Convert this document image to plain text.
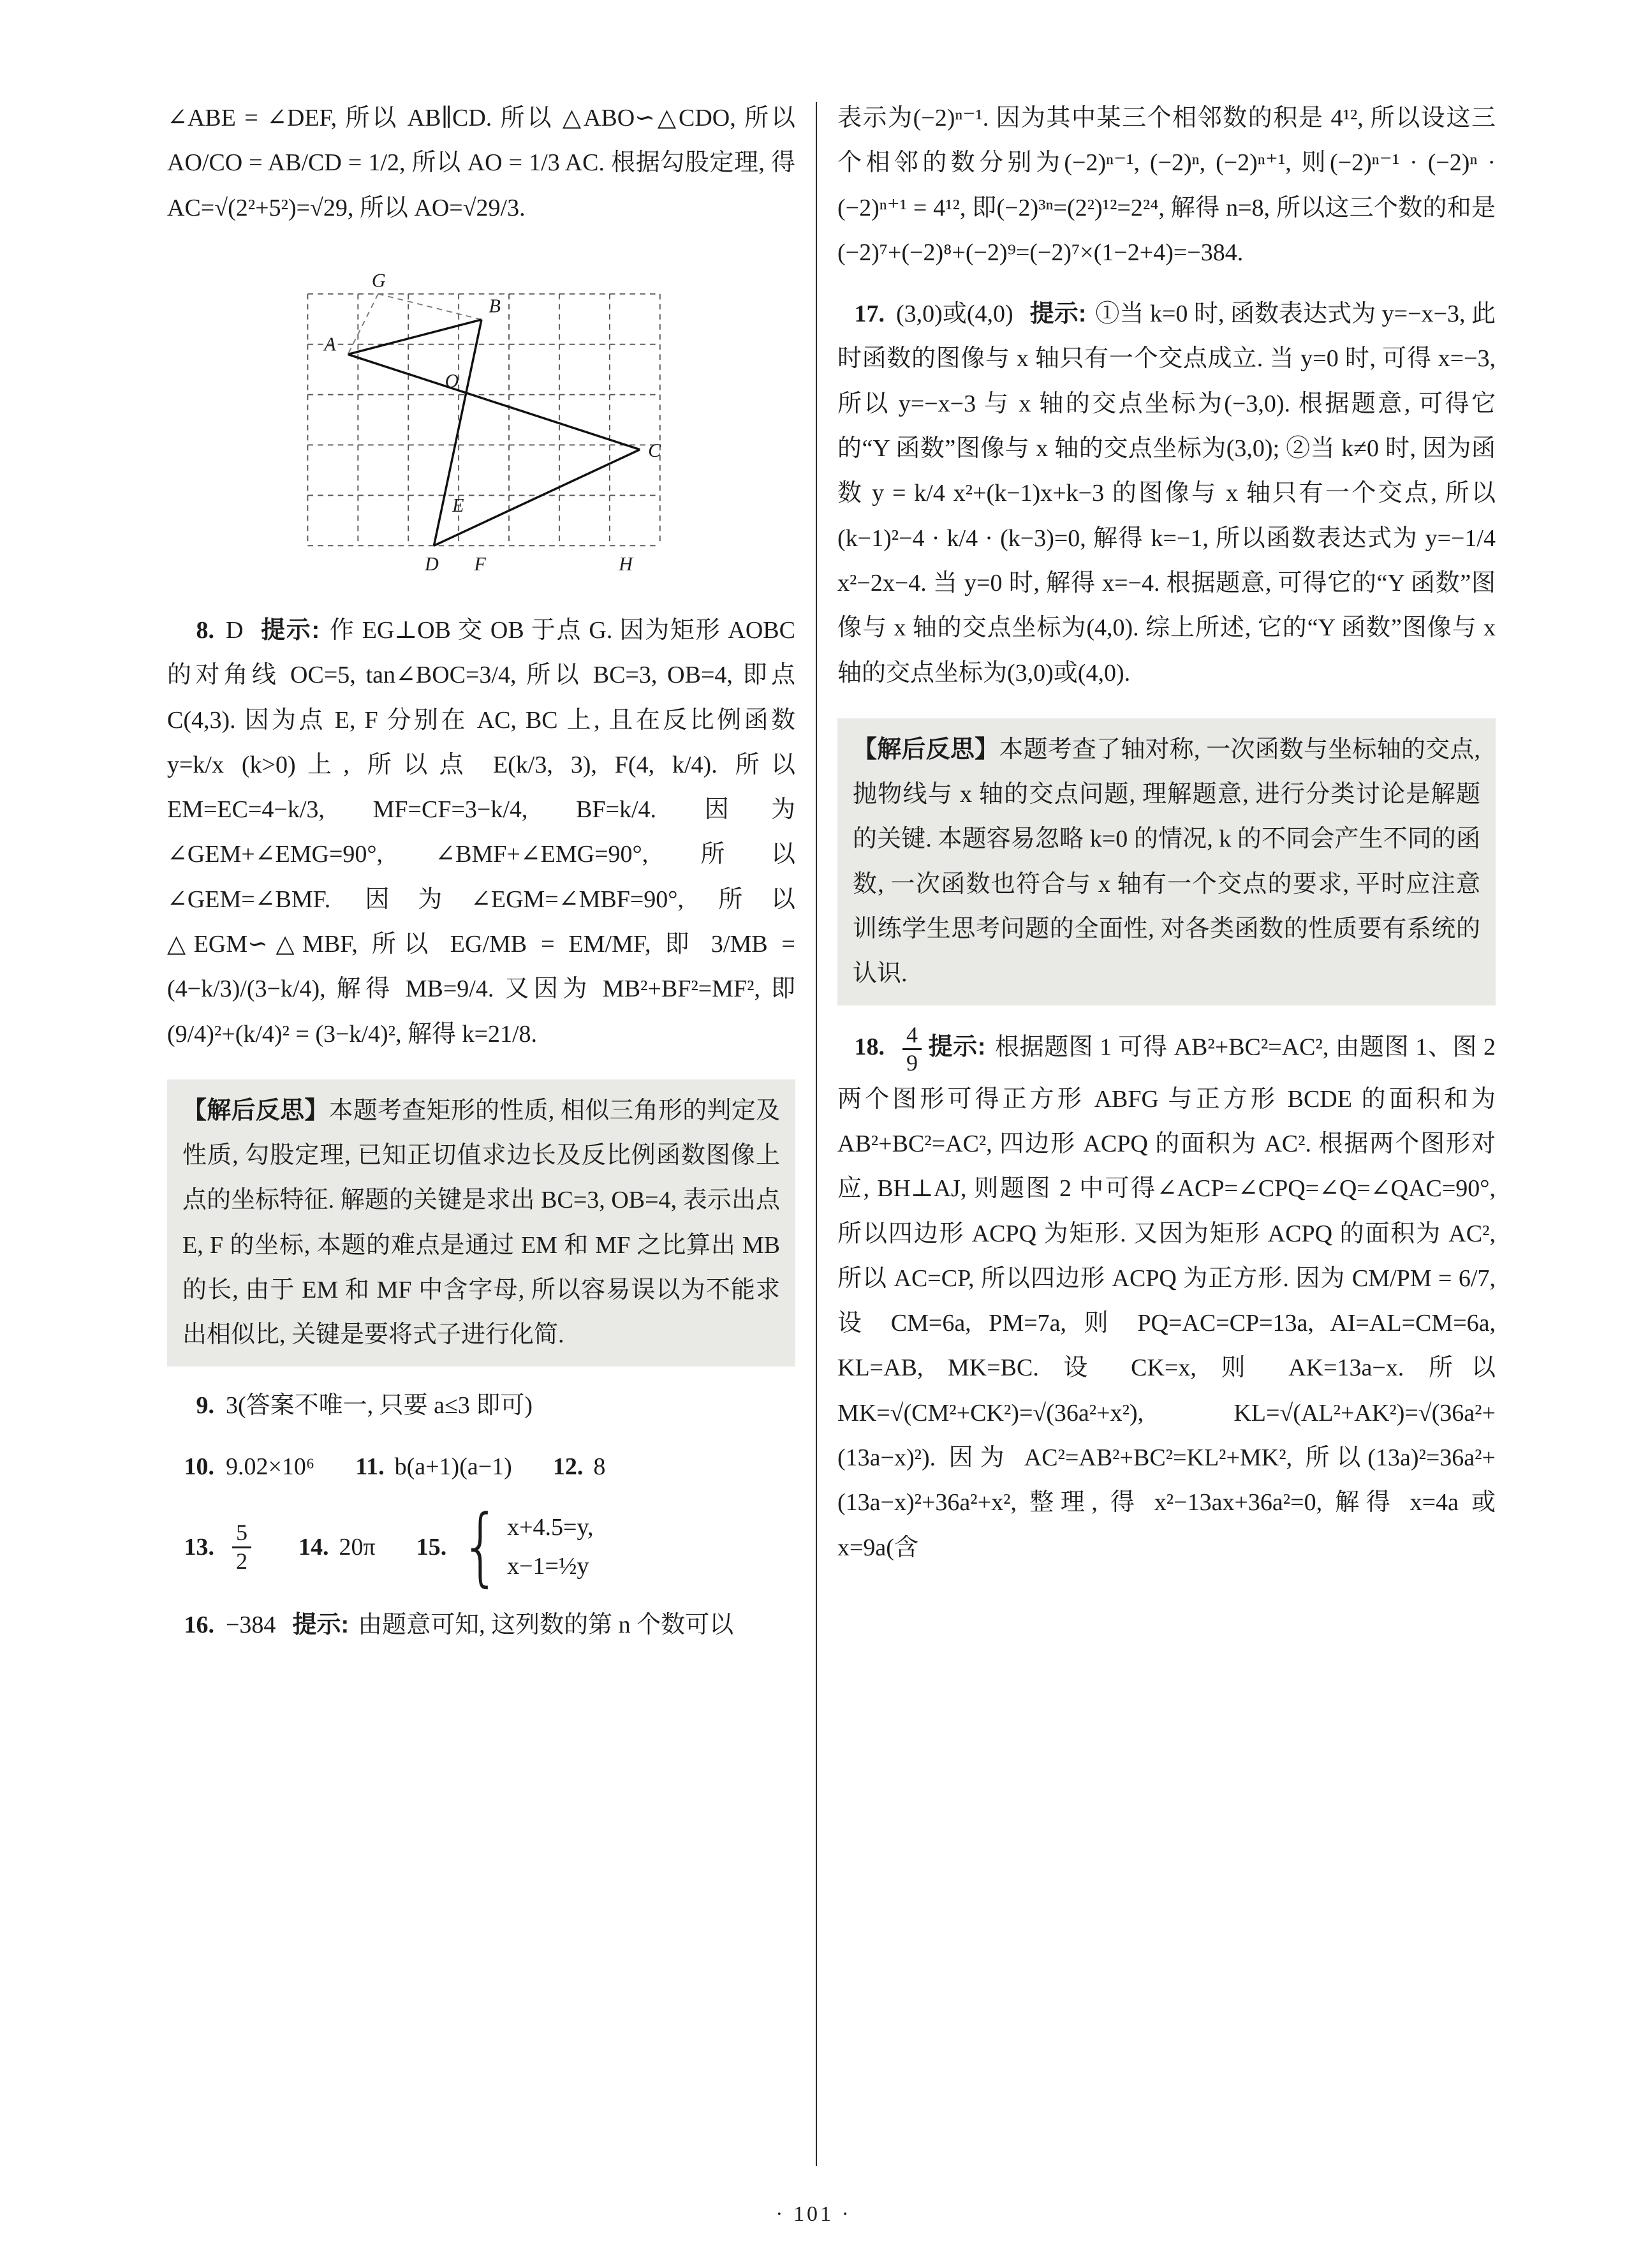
∠ABE = ∠DEF, 所以 AB∥CD. 所以 △ABO∽△CDO, 所以 AO/CO = AB/CD = 1/2, 所以 AO = 1/3 AC. 根据勾股定理, 得 AC=√(2²+5²)=√29, 所以 AO=√29/3.

G
B
A
O
C
E
D	F	H

8. D 提示: 作 EG⊥OB 交 OB 于点 G. 因为矩形 AOBC 的对角线 OC=5, tan∠BOC=3/4, 所以 BC=3, OB=4, 即点 C(4,3). 因为点 E, F 分别在 AC, BC 上, 且在反比例函数 y=k/x (k>0)上, 所以点 E(k/3, 3), F(4, k/4). 所以 EM=EC=4−k/3, MF=CF=3−k/4, BF=k/4. 因为∠GEM+∠EMG=90°, ∠BMF+∠EMG=90°, 所以∠GEM=∠BMF. 因为∠EGM=∠MBF=90°, 所以△EGM∽△MBF, 所以 EG/MB = EM/MF, 即 3/MB = (4−k/3)/(3−k/4), 解得 MB=9/4. 又因为 MB²+BF²=MF², 即 (9/4)²+(k/4)² = (3−k/4)², 解得 k=21/8.

【解后反思】本题考查矩形的性质, 相似三角形的判定及性质, 勾股定理, 已知正切值求边长及反比例函数图像上点的坐标特征. 解题的关键是求出 BC=3, OB=4, 表示出点 E, F 的坐标, 本题的难点是通过 EM 和 MF 之比算出 MB 的长, 由于 EM 和 MF 中含字母, 所以容易误以为不能求出相似比, 关键是要将式子进行化简.

9. 3(答案不唯一, 只要 a≤3 即可)

10. 9.02×10⁶ 11. b(a+1)(a−1) 12. 8

13. $\frac{5}{2} 14$. 20π 15. { x+4.5=y,
x−1=½y

16. −384 提示: 由题意可知, 这列数的第 n 个数可以

表示为(−2)ⁿ⁻¹. 因为其中某三个相邻数的积是 4¹², 所以设这三个相邻的数分别为(−2)ⁿ⁻¹, (−2)ⁿ, (−2)ⁿ⁺¹, 则(−2)ⁿ⁻¹ · (−2)ⁿ · (−2)ⁿ⁺¹ = 4¹², 即(−2)³ⁿ=(2²)¹²=2²⁴, 解得 n=8, 所以这三个数的和是(−2)⁷+(−2)⁸+(−2)⁹=(−2)⁷×(1−2+4)=−384.

17. (3,0)或(4,0) 提示: ①当 k=0 时, 函数表达式为 y=−x−3, 此时函数的图像与 x 轴只有一个交点成立. 当 y=0 时, 可得 x=−3, 所以 y=−x−3 与 x 轴的交点坐标为(−3,0). 根据题意, 可得它的“Y 函数”图像与 x 轴的交点坐标为(3,0); ②当 k≠0 时, 因为函数 y = k/4 x²+(k−1)x+k−3 的图像与 x 轴只有一个交点, 所以(k−1)²−4 · k/4 · (k−3)=0, 解得 k=−1, 所以函数表达式为 y=−1/4 x²−2x−4. 当 y=0 时, 解得 x=−4. 根据题意, 可得它的“Y 函数”图像与 x 轴的交点坐标为(4,0). 综上所述, 它的“Y 函数”图像与 x 轴的交点坐标为(3,0)或(4,0).

【解后反思】本题考查了轴对称, 一次函数与坐标轴的交点, 抛物线与 x 轴的交点问题, 理解题意, 进行分类讨论是解题的关键. 本题容易忽略 k=0 的情况, k 的不同会产生不同的函数, 一次函数也符合与 x 轴有一个交点的要求, 平时应注意训练学生思考问题的全面性, 对各类函数的性质要有系统的认识.

18. $\frac{4}{9}$ 提示: 根据题图 1 可得 AB²+BC²=AC², 由题图 1、图 2 两个图形可得正方形 ABFG 与正方形 BCDE 的面积和为 AB²+BC²=AC², 四边形 ACPQ 的面积为 AC². 根据两个图形对应, BH⊥AJ, 则题图 2 中可得∠ACP=∠CPQ=∠Q=∠QAC=90°, 所以四边形 ACPQ 为矩形. 又因为矩形 ACPQ 的面积为 AC², 所以 AC=CP, 所以四边形 ACPQ 为正方形. 因为 CM/PM = 6/7, 设 CM=6a, PM=7a, 则 PQ=AC=CP=13a, AI=AL=CM=6a, KL=AB, MK=BC. 设 CK=x, 则 AK=13a−x. 所以 MK=√(CM²+CK²)=√(36a²+x²), KL=√(AL²+AK²)=√(36a²+(13a−x)²). 因为 AC²=AB²+BC²=KL²+MK², 所以(13a)²=36a²+(13a−x)²+36a²+x², 整理, 得 x²−13ax+36a²=0, 解得 x=4a 或 x=9a(含

· 101 ·
